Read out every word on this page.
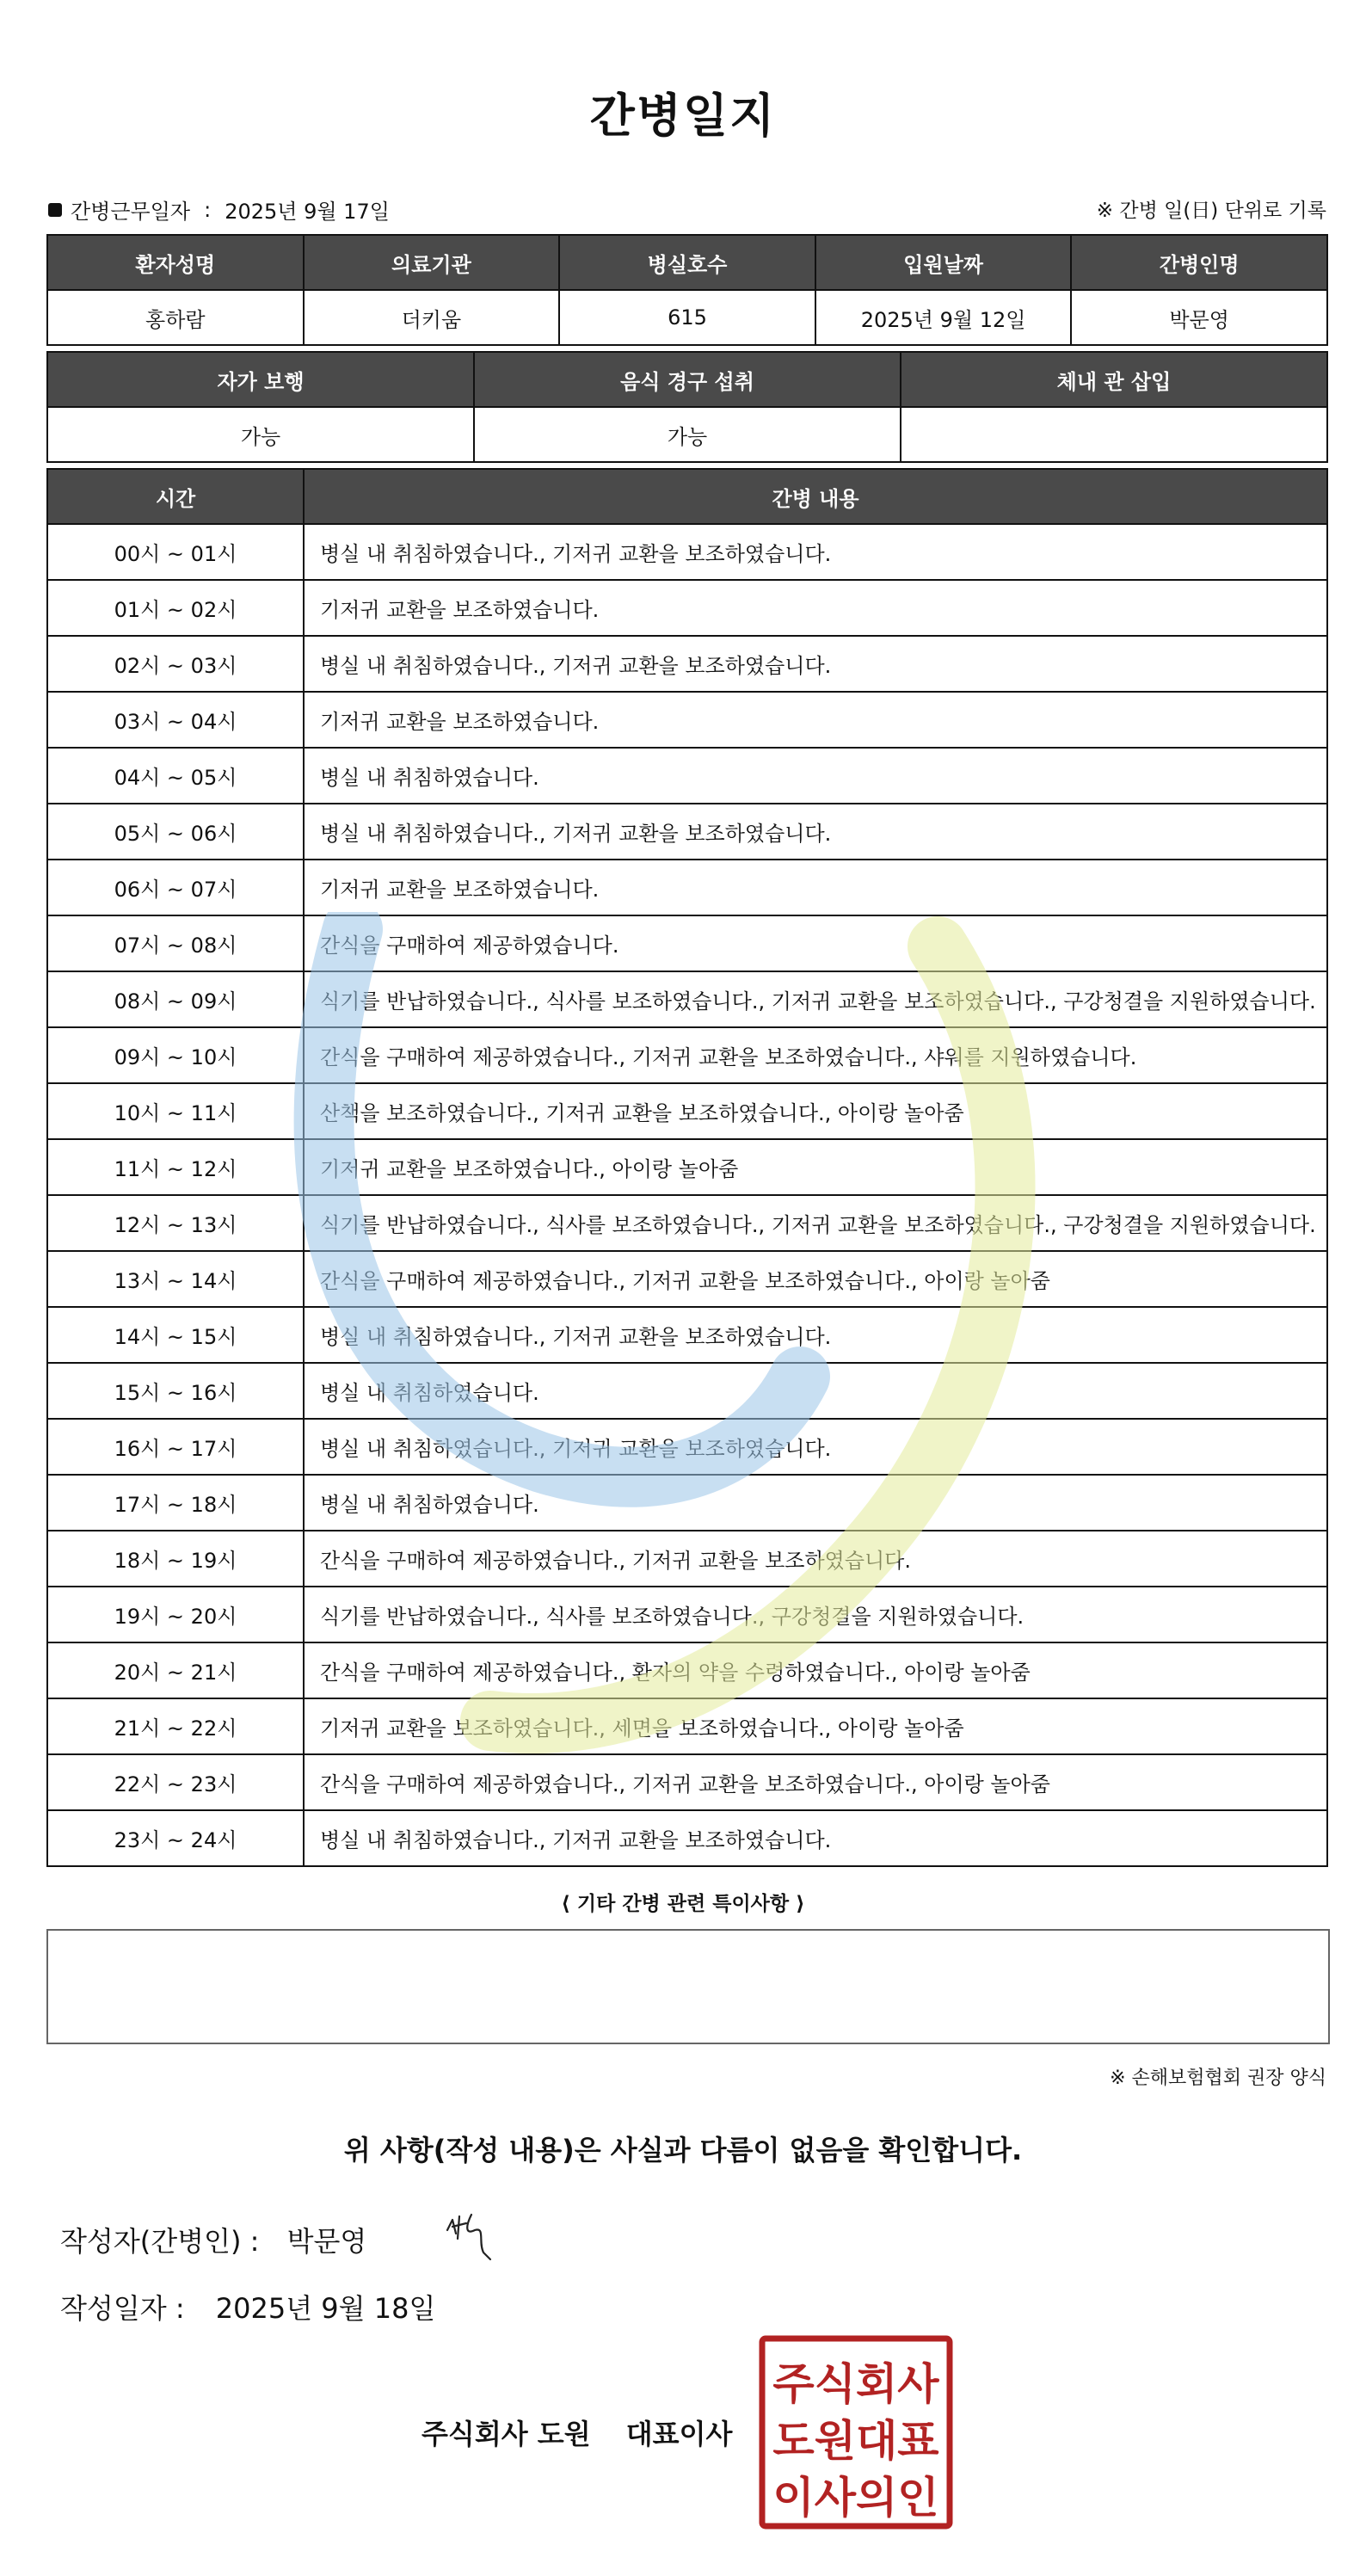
간병일지
간병근무일자 : 2025년 9월 17일	※ 간병 일(日) 단위로 기록
환자성명	의료기관	병실호수	입원날짜	간병인명
홍하람	더키움	615	2025년 9월 12일	박문영
자가 보행	음식 경구 섭취	체내 관 삽입
가능	가능	
시간	간병 내용
00시 ~ 01시	병실 내 취침하였습니다., 기저귀 교환을 보조하였습니다.
01시 ~ 02시	기저귀 교환을 보조하였습니다.
02시 ~ 03시	병실 내 취침하였습니다., 기저귀 교환을 보조하였습니다.
03시 ~ 04시	기저귀 교환을 보조하였습니다.
04시 ~ 05시	병실 내 취침하였습니다.
05시 ~ 06시	병실 내 취침하였습니다., 기저귀 교환을 보조하였습니다.
06시 ~ 07시	기저귀 교환을 보조하였습니다.
07시 ~ 08시	간식을 구매하여 제공하였습니다.
08시 ~ 09시	식기를 반납하였습니다., 식사를 보조하였습니다., 기저귀 교환을 보조하였습니다., 구강청결을 지원하였습니다.
09시 ~ 10시	간식을 구매하여 제공하였습니다., 기저귀 교환을 보조하였습니다., 샤워를 지원하였습니다.
10시 ~ 11시	산책을 보조하였습니다., 기저귀 교환을 보조하였습니다., 아이랑 놀아줌
11시 ~ 12시	기저귀 교환을 보조하였습니다., 아이랑 놀아줌
12시 ~ 13시	식기를 반납하였습니다., 식사를 보조하였습니다., 기저귀 교환을 보조하였습니다., 구강청결을 지원하였습니다.
13시 ~ 14시	간식을 구매하여 제공하였습니다., 기저귀 교환을 보조하였습니다., 아이랑 놀아줌
14시 ~ 15시	병실 내 취침하였습니다., 기저귀 교환을 보조하였습니다.
15시 ~ 16시	병실 내 취침하였습니다.
16시 ~ 17시	병실 내 취침하였습니다., 기저귀 교환을 보조하였습니다.
17시 ~ 18시	병실 내 취침하였습니다.
18시 ~ 19시	간식을 구매하여 제공하였습니다., 기저귀 교환을 보조하였습니다.
19시 ~ 20시	식기를 반납하였습니다., 식사를 보조하였습니다., 구강청결을 지원하였습니다.
20시 ~ 21시	간식을 구매하여 제공하였습니다., 환자의 약을 수령하였습니다., 아이랑 놀아줌
21시 ~ 22시	기저귀 교환을 보조하였습니다., 세면을 보조하였습니다., 아이랑 놀아줌
22시 ~ 23시	간식을 구매하여 제공하였습니다., 기저귀 교환을 보조하였습니다., 아이랑 놀아줌
23시 ~ 24시	병실 내 취침하였습니다., 기저귀 교환을 보조하였습니다.
⟨ 기타 간병 관련 특이사항 ⟩
※ 손해보험협회 권장 양식
위 사항(작성 내용)은 사실과 다름이 없음을 확인합니다.
작성자(간병인) : 박문영
작성일자 : 2025년 9월 18일
주식회사 도원 대표이사
주식회사
도원대표
이사의인
